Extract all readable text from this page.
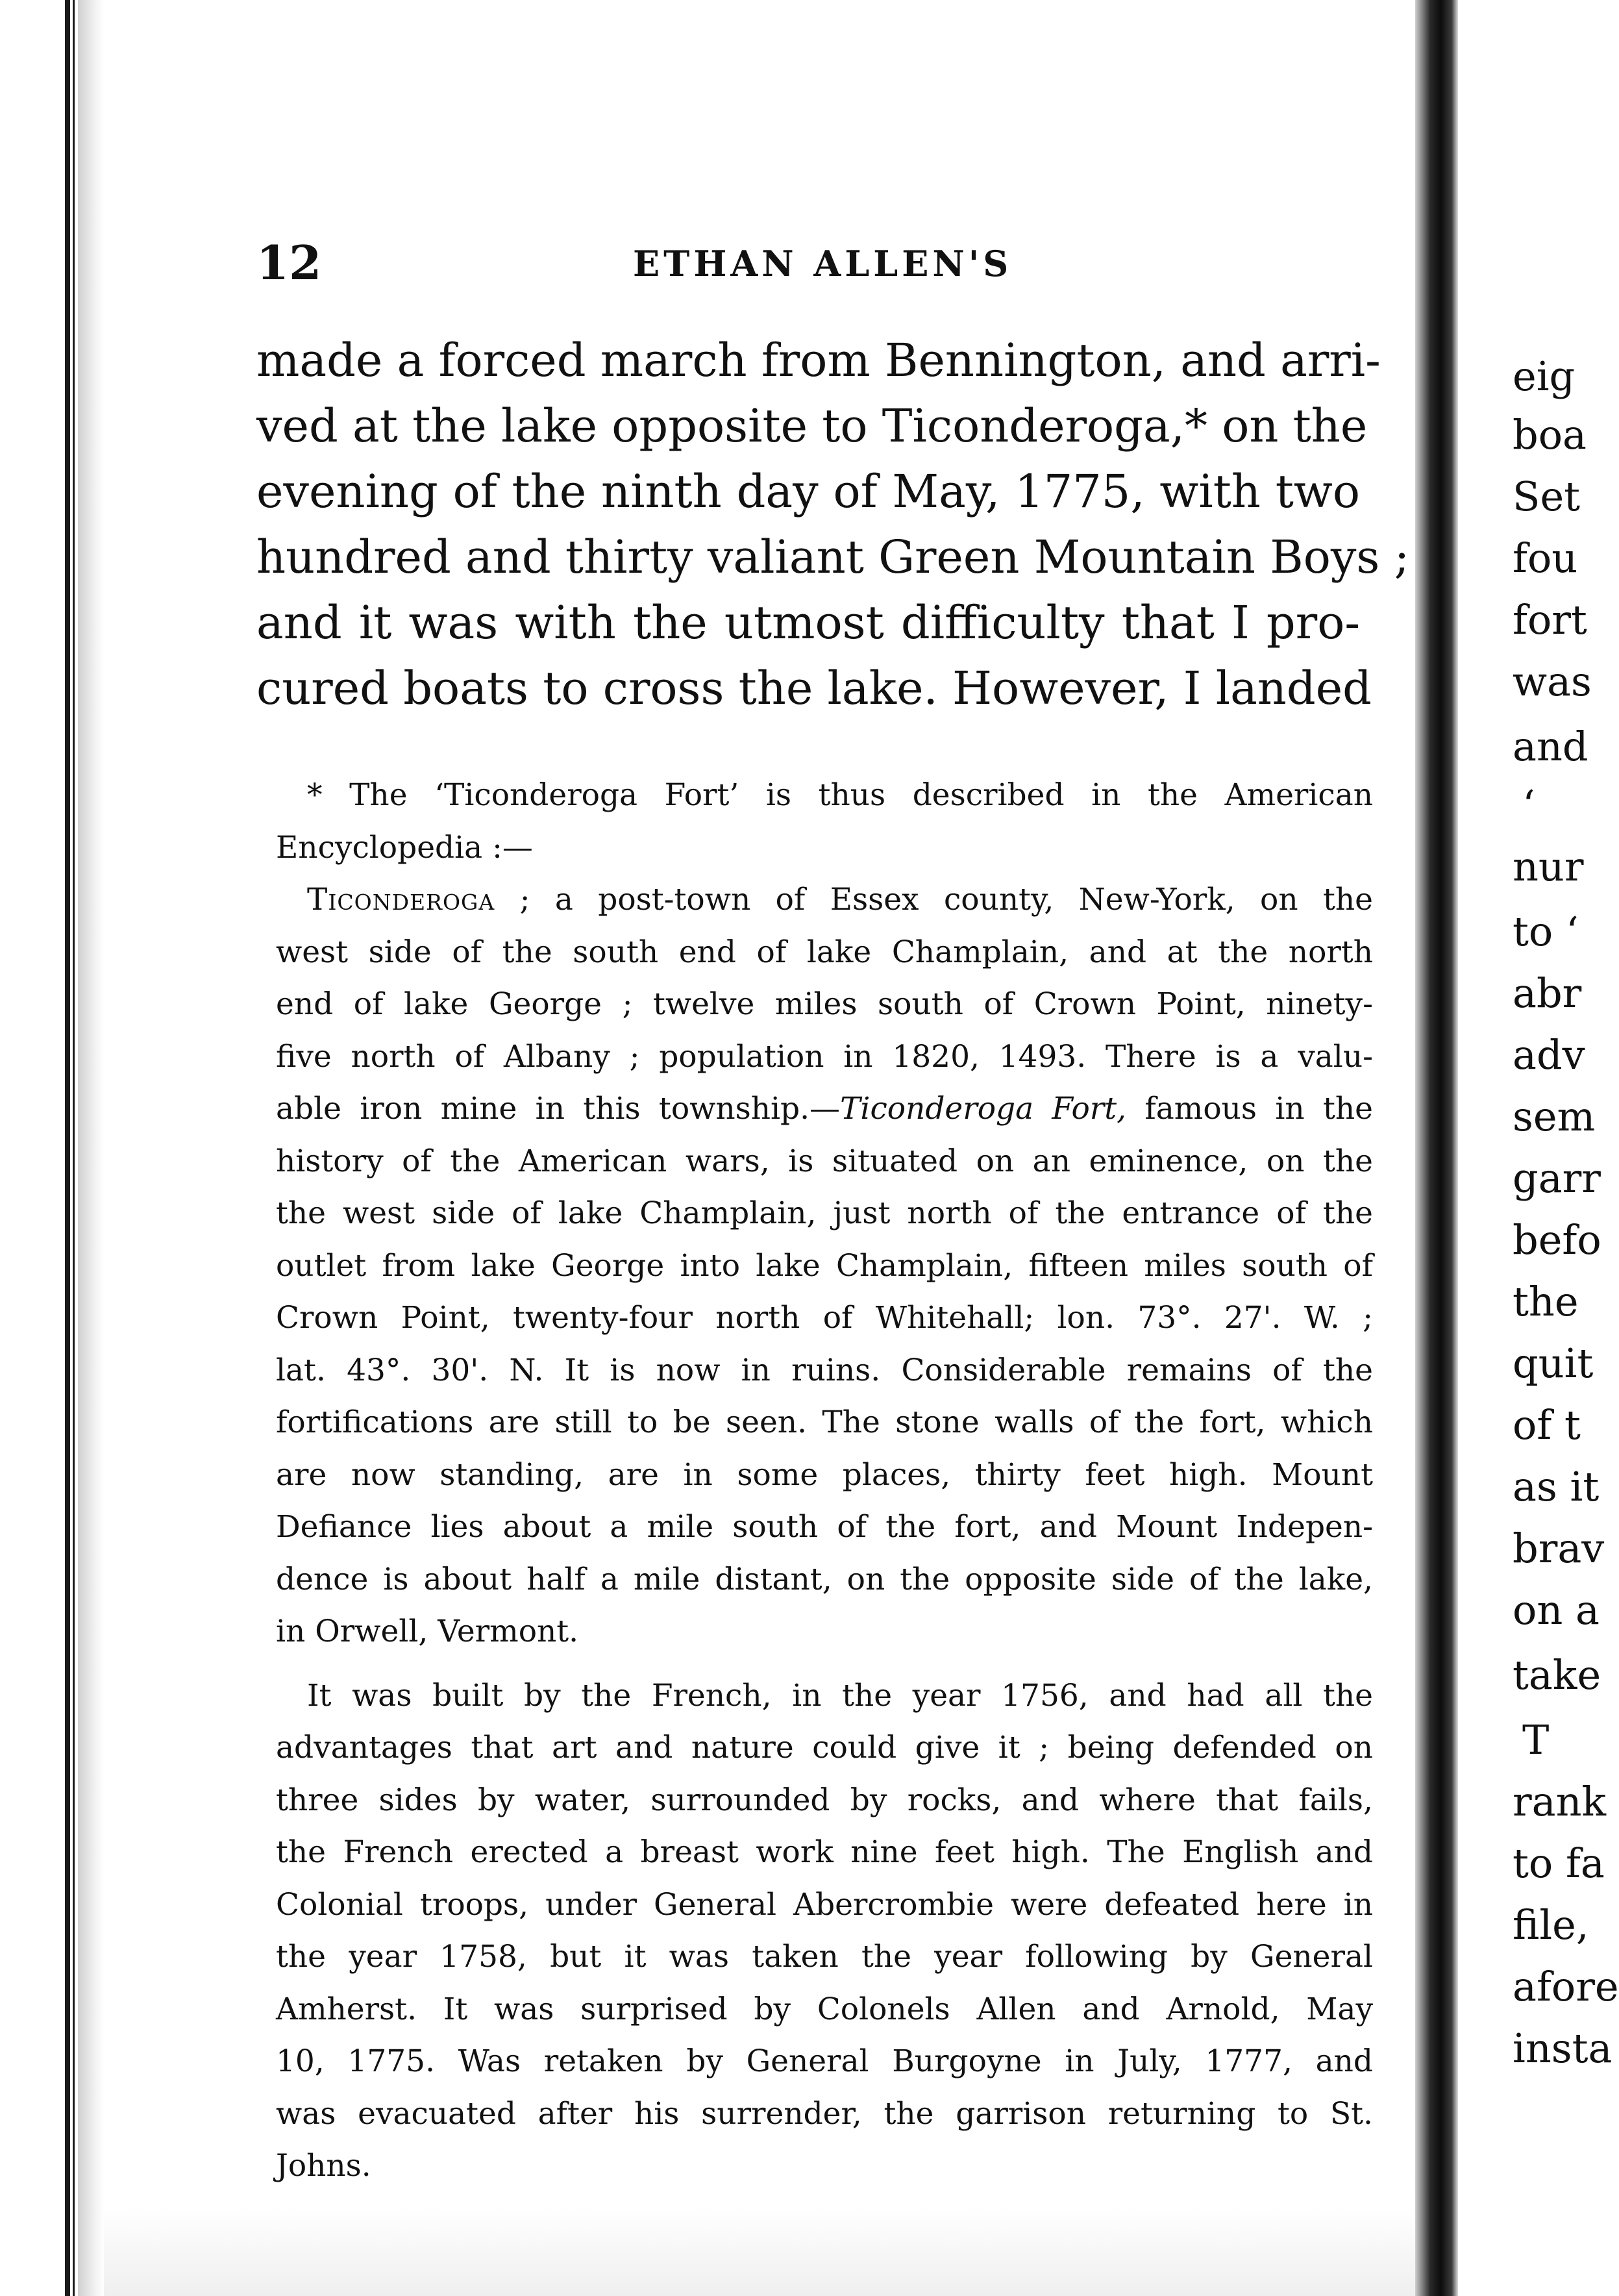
12	ETHAN ALLEN'S
made a forced march from Bennington, and arri-
ved at the lake opposite to Ticonderoga,* on the
evening of the ninth day of May, 1775, with two
hundred and thirty valiant Green Mountain Boys ;
and it was with the utmost difficulty that I pro-
cured boats to cross the lake. However, I landed
* The ‘Ticonderoga Fort’ is thus described in the American
Encyclopedia :—
Ticonderoga ; a post-town of Essex county, New-York, on the
west side of the south end of lake Champlain, and at the north
end of lake George ; twelve miles south of Crown Point, ninety-
five north of Albany ; population in 1820, 1493. There is a valu-
able iron mine in this township.—Ticonderoga Fort, famous in the
history of the American wars, is situated on an eminence, on the
the west side of lake Champlain, just north of the entrance of the
outlet from lake George into lake Champlain, fifteen miles south of
Crown Point, twenty-four north of Whitehall; lon. 73°. 27'. W. ;
lat. 43°. 30'. N. It is now in ruins. Considerable remains of the
fortifications are still to be seen. The stone walls of the fort, which
are now standing, are in some places, thirty feet high. Mount
Defiance lies about a mile south of the fort, and Mount Indepen-
dence is about half a mile distant, on the opposite side of the lake,
in Orwell, Vermont.
It was built by the French, in the year 1756, and had all the
advantages that art and nature could give it ; being defended on
three sides by water, surrounded by rocks, and where that fails,
the French erected a breast work nine feet high. The English and
Colonial troops, under General Abercrombie were defeated here in
the year 1758, but it was taken the year following by General
Amherst. It was surprised by Colonels Allen and Arnold, May
10, 1775. Was retaken by General Burgoyne in July, 1777, and
was evacuated after his surrender, the garrison returning to St.
Johns.
eig
boa
Set
fou
fort
was
and
‘
nur
to ‘
abr
adv
sem
garr
befo
the
quit
of t
as it
brav
on a
take
T
rank
to fa
file,
afore
insta
